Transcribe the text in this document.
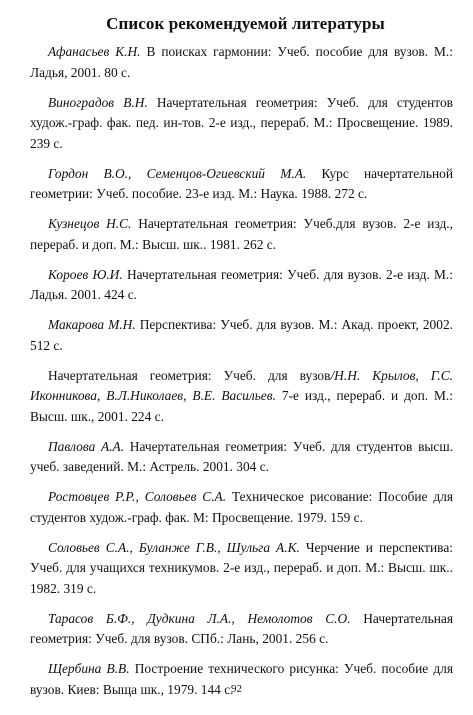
Список рекомендуемой литературы

Афанасьев К.Н. В поисках гармонии: Учеб. пособие для вузов. М.: Ладья, 2001. 80 с.

Виноградов В.Н. Начертательная геометрия: Учеб. для студентов худож.-граф. фак. пед. ин-тов. 2-е изд., перераб. М.: Просвещение. 1989. 239 с.

Гордон В.О., Семенцов-Огиевский М.А. Курс начертательной геометрии: Учеб. пособие. 23-е изд. М.: Наука. 1988. 272 с.

Кузнецов Н.С. Начертательная геометрия: Учеб.для вузов. 2-е изд., перераб. и доп. М.: Высш. шк.. 1981. 262 с.

Короев Ю.И. Начертательная геометрия: Учеб. для вузов. 2-е изд. М.: Ладья. 2001. 424 с.

Макарова М.Н. Перспектива: Учеб. для вузов. М.: Акад. проект, 2002. 512 с.

Начертательная геометрия: Учеб. для вузов/Н.Н. Крылов, Г.С. Иконникова, В.Л.Николаев, В.Е. Васильев. 7-е изд., перераб. и доп. М.: Высш. шк., 2001. 224 с.

Павлова А.А. Начертательная геометрия: Учеб. для студентов высш. учеб. заведений. М.: Астрель. 2001. 304 с.

Ростовцев Р.Р., Соловьев С.А. Техническое рисование: Пособие для студентов худож.-граф. фак. М: Просвещение. 1979. 159 с.

Соловьев С.А., Буланже Г.В., Шульга А.К. Черчение и перспектива: Учеб. для учащихся техникумов. 2-е изд., перераб. и доп. М.: Высш. шк.. 1982. 319 с.

Тарасов Б.Ф., Дудкина Л.А., Немолотов С.О. Начертательная геометрия: Учеб. для вузов. СПб.: Лань, 2001. 256 с.

Щербина В.В. Построение технического рисунка: Учеб. пособие для вузов. Киев: Выща шк., 1979. 144 с.

92
